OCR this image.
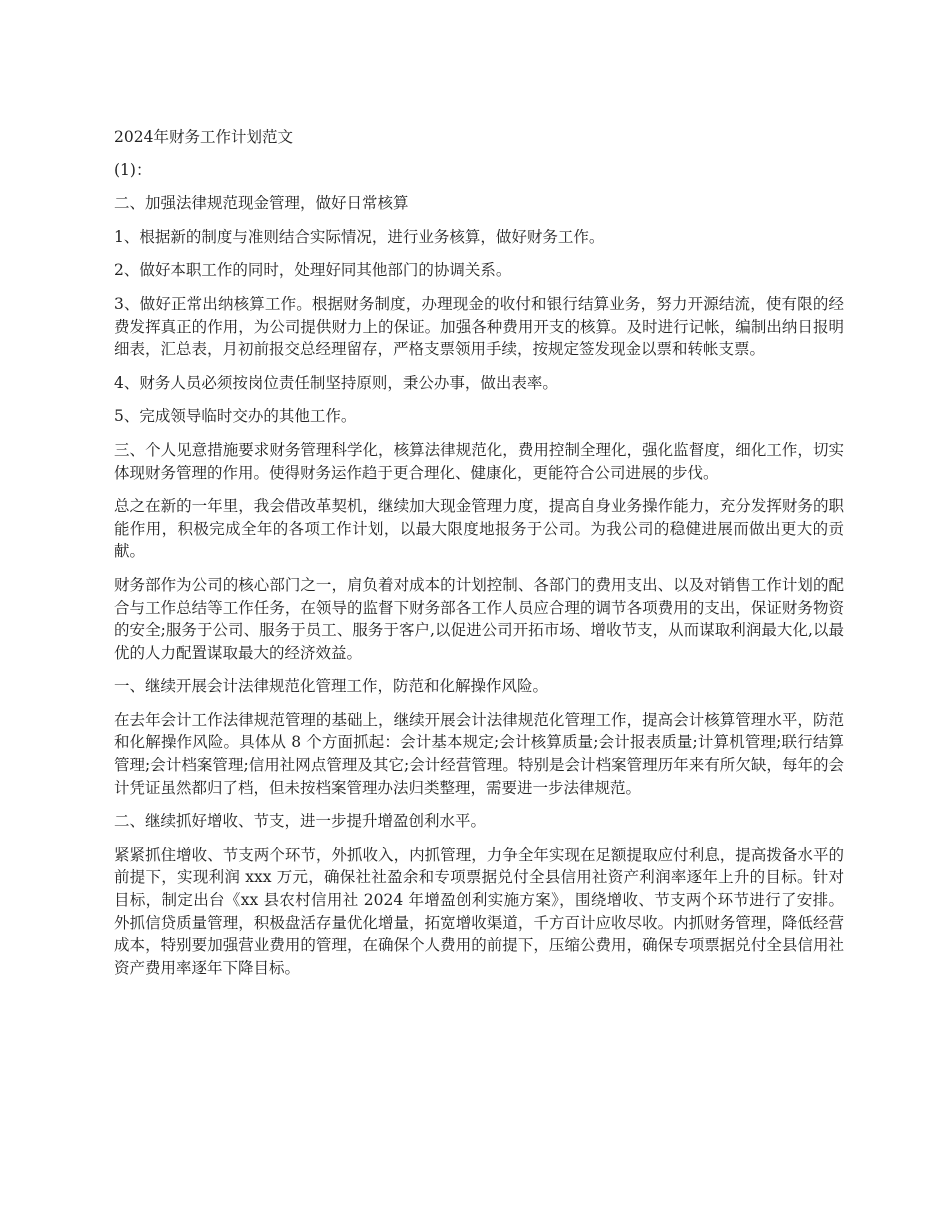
2024年财务工作计划范文

(1)：

二、加强法律规范现金管理，做好日常核算

1、根据新的制度与准则结合实际情况，进行业务核算，做好财务工作。

2、做好本职工作的同时，处理好同其他部门的协调关系。

3、做好正常出纳核算工作。根据财务制度，办理现金的收付和银行结算业务，努力开源结流，使有限的经费发挥真正的作用，为公司提供财力上的保证。加强各种费用开支的核算。及时进行记帐，编制出纳日报明细表，汇总表，月初前报交总经理留存，严格支票领用手续，按规定签发现金以票和转帐支票。

4、财务人员必须按岗位责任制坚持原则，秉公办事，做出表率。

5、完成领导临时交办的其他工作。

三、个人见意措施要求财务管理科学化，核算法律规范化，费用控制全理化，强化监督度，细化工作，切实体现财务管理的作用。使得财务运作趋于更合理化、健康化，更能符合公司进展的步伐。

总之在新的一年里，我会借改革契机，继续加大现金管理力度，提高自身业务操作能力，充分发挥财务的职能作用，积极完成全年的各项工作计划，以最大限度地报务于公司。为我公司的稳健进展而做出更大的贡献。

财务部作为公司的核心部门之一，肩负着对成本的计划控制、各部门的费用支出、以及对销售工作计划的配合与工作总结等工作任务，在领导的监督下财务部各工作人员应合理的调节各项费用的支出，保证财务物资的安全;服务于公司、服务于员工、服务于客户,以促进公司开拓市场、增收节支，从而谋取利润最大化,以最优的人力配置谋取最大的经济效益。

一、继续开展会计法律规范化管理工作，防范和化解操作风险。

在去年会计工作法律规范管理的基础上，继续开展会计法律规范化管理工作，提高会计核算管理水平，防范和化解操作风险。具体从 8 个方面抓起：会计基本规定;会计核算质量;会计报表质量;计算机管理;联行结算管理;会计档案管理;信用社网点管理及其它;会计经营管理。特别是会计档案管理历年来有所欠缺，每年的会计凭证虽然都归了档，但未按档案管理办法归类整理，需要进一步法律规范。

二、继续抓好增收、节支，进一步提升增盈创利水平。

紧紧抓住增收、节支两个环节，外抓收入，内抓管理，力争全年实现在足额提取应付利息，提高拨备水平的前提下，实现利润 xxx 万元，确保社社盈余和专项票据兑付全县信用社资产利润率逐年上升的目标。针对目标，制定出台《xx 县农村信用社 2024 年增盈创利实施方案》，围绕增收、节支两个环节进行了安排。外抓信贷质量管理，积极盘活存量优化增量，拓宽增收渠道，千方百计应收尽收。内抓财务管理，降低经营成本，特别要加强营业费用的管理，在确保个人费用的前提下，压缩公费用，确保专项票据兑付全县信用社资产费用率逐年下降目标。
